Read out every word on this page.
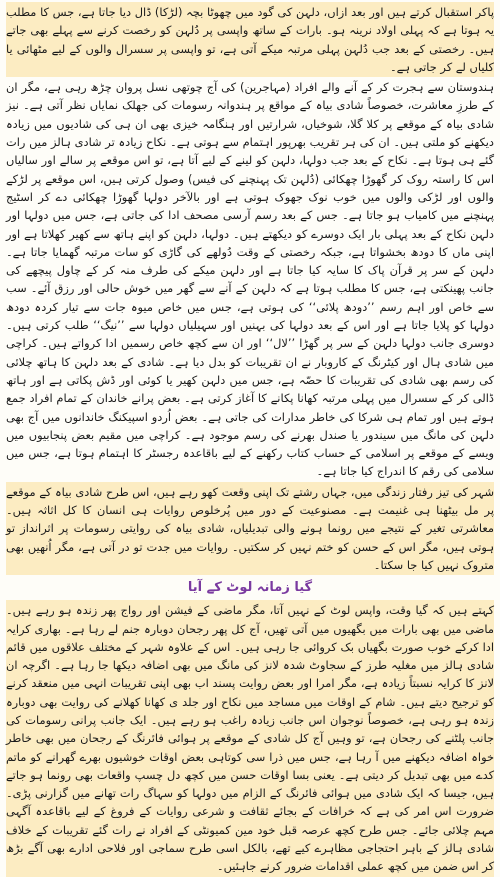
پاکر استقبال کرتے ہیں اور بعد ازاں، دلہن کی گود میں چھوٹا بچہ (لڑکا) ڈال دیا جاتا ہے، جس کا مطلب یہ ہوتا ہے کہ پہلی اولاد نرینہ ہو۔ بارات کے ساتھ واپسی پر دُلہن کو رخصت کرنے سے پہلے بھی جاتے ہیں۔ رخصتی کے بعد جب دُلہن پہلی مرتبہ میکے آتی ہے، تو واپسی پر سسرال والوں کے لیے مٹھائی یا کلیاں لے کر جاتی ہے۔

ہندوستان سے ہجرت کر کے آنے والے افراد (مہاجرین) کی آج چوتھی نسل پروان چڑھ رہی ہے، مگر ان کے طرزِ معاشرت، خصوصاً شادی بیاہ کے مواقع پر ہندوانہ رسومات کی جھلک نمایاں نظر آتی ہے۔ نیز شادی بیاہ کے موقعے پر کلا گلا، شوخیاں، شرارتیں اور ہنگامہ خیزی بھی ان ہی کی شادیوں میں زیادہ دیکھنے کو ملتی ہیں۔ ان کی ہر تقریب بھرپور اہتمام سے ہوتی ہے۔ نکاح زیادہ تر شادی ہالز میں رات گئے ہی ہوتا ہے۔ نکاح کے بعد جب دولہا، دلہن کو لینے کے لیے آتا ہے، تو اس موقعے پر سالے اور سالیاں اس کا راستہ روک کر گھوڑا چھکائی (دُلہن تک پہنچنے کی فیس) وصول کرتی ہیں، اس موقعے پر لڑکے والوں اور لڑکی والوں میں خوب نوک جھوک ہوتی ہے اور بالآخر دولہا گھوڑا چھکائی دے کر اسٹیج پہنچنے میں کامیاب ہو جاتا ہے۔ جس کے بعد رسم آرسی مصحف ادا کی جاتی ہے، جس میں دولہا اور دلہن نکاح کے بعد پہلی بار ایک دوسرے کو دیکھتے ہیں۔ دولہا، دلہن کو اپنے ہاتھ سے کھیر کھلاتا ہے اور اپنی ماں کا دودھ بخشواتا ہے، جبکہ رخصتی کے وقت دُولھے کی گاڑی کو سات مرتبہ گھمایا جاتا ہے۔ دلہن کے سر پر قرآن پاک کا سایہ کیا جاتا ہے اور دلہن میکے کی طرف منہ کر کے چاول پیچھے کی جانب پھینکتی ہے، جس کا مطلب ہوتا ہے کہ دلہن کے آنے سے گھر میں خوش حالی اور رزق آئے۔ سب سے خاص اور اہم رسم ’’دودھ پلائی‘‘ کی ہوتی ہے، جس میں خاص میوہ جات سے تیار کردہ دودھ دولہا کو پلایا جاتا ہے اور اس کے بعد دولہا کی بہنیں اور سہیلیاں دولہا سے ’’نیگ‘‘ طلب کرتی ہیں۔ دوسری جانب دولہا دلہن کے سر پر گھڑا ’’لال‘‘ اور ان سے کچھ خاص رسمیں ادا کرواتے ہیں۔ کراچی میں شادی ہال اور کیٹرنگ کے کاروبار نے ان تقریبات کو بدل دیا ہے۔ شادی کے بعد دلہن کا ہاتھ چلائی کی رسم بھی شادی کی تقریبات کا حصّہ ہے، جس میں دلہن کھیر یا کوئی اور ڈش پکاتی ہے اور ہاتھ ڈالی کر کے سسرال میں پہلی مرتبہ کھانا پکانے کا آغاز کرتی ہے۔ بعض پرانے خاندان کے تمام افراد جمع ہوتے ہیں اور تمام ہی شرکا کی خاطر مدارات کی جاتی ہے۔ بعض اُردو اسپیکنگ خاندانوں میں آج بھی دلہن کی مانگ میں سیندور یا صندل بھرنے کی رسم موجود ہے۔ کراچی میں مقیم بعض پنجابیوں میں ویسے کے موقعے پر اسلامی کے حساب کتاب رکھنے کے لیے باقاعدہ رجسٹر کا اہتمام ہوتا ہے، جس میں سلامی کی رقم کا اندراج کیا جاتا ہے۔

شہر کی تیز رفتار زندگی میں، جہاں رشتے تک اپنی وقعت کھو رہے ہیں، اس طرح شادی بیاہ کے موقعے پر مل بیٹھنا ہی غنیمت ہے۔ مصنوعیت کے دور میں پُرخلوص روایات ہی انسان کا کل اثاثہ ہیں۔ معاشرتی تغیر کے نتیجے میں رونما ہونے والی تبدیلیاں، شادی بیاہ کی روایتی رسومات پر اثرانداز تو ہوتی ہیں، مگر اس کے حسن کو ختم نہیں کر سکتیں۔ روایات میں جدت تو در آتی ہے، مگر اُنھیں بھی متروک نہیں کیا جا سکتا۔

گیا زمانہ لوٹ کے آیا

کہتے ہیں کہ گیا وقت، واپس لوٹ کے نہیں آتا، مگر ماضی کے فیشن اور رواج پھر زندہ ہو رہے ہیں۔ ماضی میں بھی بارات میں بگھیوں میں آتی تھیں، آج کل پھر رجحان دوبارہ جنم لے رہا ہے۔ بھاری کرایہ ادا کرکے خوب صورت بگھیاں بک کروائی جا رہی ہیں۔ اس کے علاوہ شہر کے مختلف علاقوں میں قائم شادی ہالز میں مغلیہ طرز کے سجاوٹ شدہ لانز کی مانگ میں بھی اضافہ دیکھا جا رہا ہے۔ اگرچہ ان لانز کا کرایہ نسبتاً زیادہ ہے، مگر امرا اور بعض روایت پسند اب بھی اپنی تقریبات انہی میں منعقد کرنے کو ترجیح دیتے ہیں۔ شام کے اوقات میں مساجد میں نکاح اور جلد ی کھانا کھلانے کی روایت بھی دوبارہ زندہ ہو رہی ہے، خصوصاً نوجوان اس جانب زیادہ راغب ہو رہے ہیں۔ ایک جانب پرانی رسومات کی جانب پلٹنے کی رجحان ہے، تو وہیں آج کل شادی کے موقعے پر ہوائی فائرنگ کے رجحان میں بھی خاطر خواہ اضافہ دیکھنے میں آ رہا ہے، جس میں ذرا سی کوتاہی بعض اوقات خوشیوں بھرے گھرانے کو ماتم کدے میں بھی تبدیل کر دیتی ہے۔ یعنی بسا اوقات حسن میں کچھ دل چسپ واقعات بھی رونما ہو جاتے ہیں، جیسا کہ ایک شادی میں ہوائی فائرنگ کے الزام میں دولہا کو سہاگ رات تھانے میں گزارنی پڑی۔ ضرورت اس امر کی ہے کہ خرافات کے بجائے ثقافت و شرعی روایات کے فروغ کے لیے باقاعدہ آگہی مہم چلائی جائے۔ جس طرح کچھ عرصہ قبل خود مین کمیونٹی کے افراد نے رات گئے تقریبات کے خلاف شادی ہالز کے باہر احتجاجی مظاہرے کیے تھے، بالکل اسی طرح سماجی اور فلاحی ادارے بھی آگے بڑھ کر اس ضمن میں کچھ عملی اقدامات ضرور کرنے جاہئیں۔
